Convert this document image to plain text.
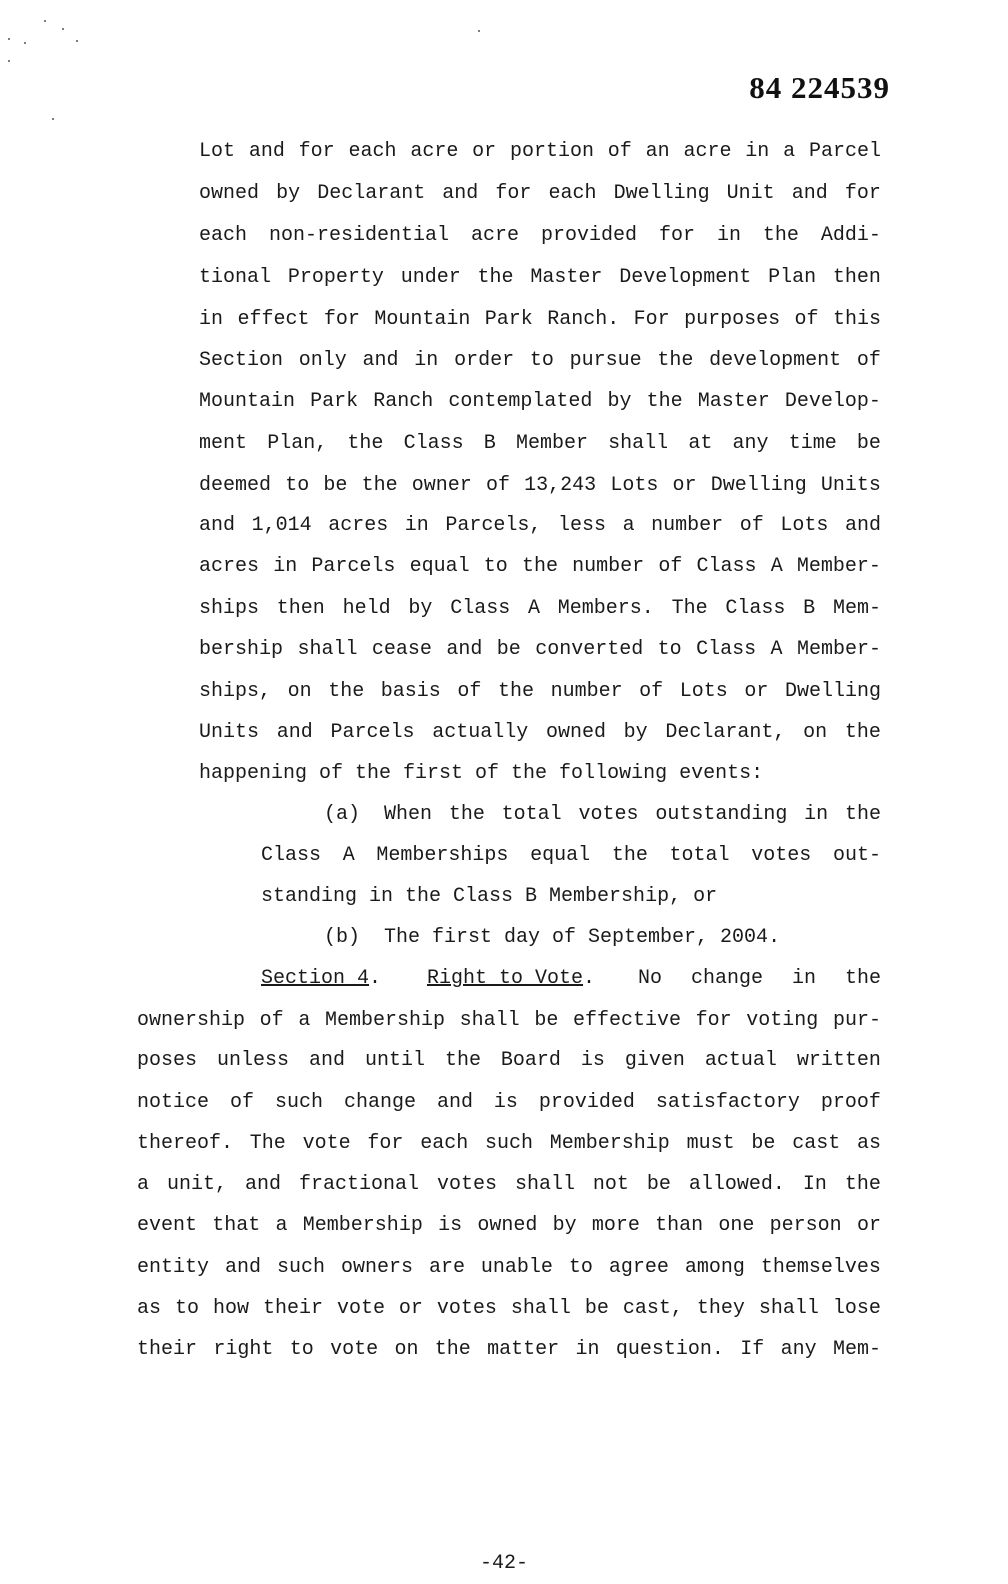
84 224539
Lot and for each acre or portion of an acre in a Parcel
owned by Declarant and for each Dwelling Unit and for
each non-residential acre provided for in the Addi-
tional Property under the Master Development Plan then
in effect for Mountain Park Ranch. For purposes of this
Section only and in order to pursue the development of
Mountain Park Ranch contemplated by the Master Develop-
ment Plan, the Class B Member shall at any time be
deemed to be the owner of 13,243 Lots or Dwelling Units
and 1,014 acres in Parcels, less a number of Lots and
acres in Parcels equal to the number of Class A Member-
ships then held by Class A Members. The Class B Mem-
bership shall cease and be converted to Class A Member-
ships, on the basis of the number of Lots or Dwelling
Units and Parcels actually owned by Declarant, on the
happening of the first of the following events:
(a) When the total votes outstanding in the
Class A Memberships equal the total votes out-
standing in the Class B Membership, or
(b) The first day of September, 2004.
Section 4. Right to Vote. No change in the
ownership of a Membership shall be effective for voting pur-
poses unless and until the Board is given actual written
notice of such change and is provided satisfactory proof
thereof. The vote for each such Membership must be cast as
a unit, and fractional votes shall not be allowed. In the
event that a Membership is owned by more than one person or
entity and such owners are unable to agree among themselves
as to how their vote or votes shall be cast, they shall lose
their right to vote on the matter in question. If any Mem-
-42-
